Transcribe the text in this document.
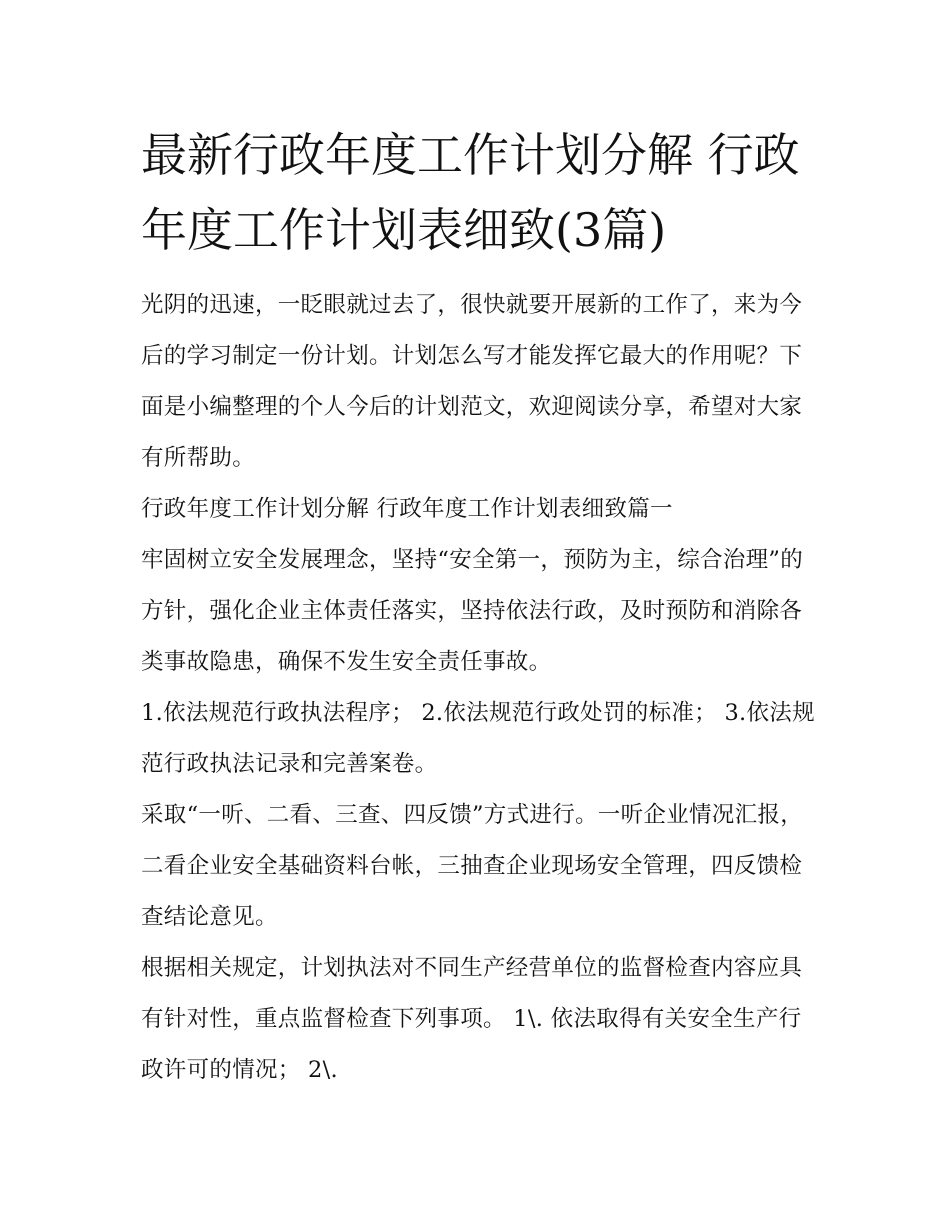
最新行政年度工作计划分解 行政年度工作计划表细致(3篇)

光阴的迅速，一眨眼就过去了，很快就要开展新的工作了，来为今后的学习制定一份计划。计划怎么写才能发挥它最大的作用呢？下面是小编整理的个人今后的计划范文，欢迎阅读分享，希望对大家有所帮助。

行政年度工作计划分解 行政年度工作计划表细致篇一

牢固树立安全发展理念，坚持“安全第一，预防为主，综合治理”的方针，强化企业主体责任落实，坚持依法行政，及时预防和消除各类事故隐患，确保不发生安全责任事故。

1.依法规范行政执法程序； 2.依法规范行政处罚的标准； 3.依法规范行政执法记录和完善案卷。

采取“一听、二看、三查、四反馈”方式进行。一听企业情况汇报，二看企业安全基础资料台帐，三抽查企业现场安全管理，四反馈检查结论意见。

根据相关规定，计划执法对不同生产经营单位的监督检查内容应具有针对性，重点监督检查下列事项。 1\. 依法取得有关安全生产行政许可的情况； 2\.
